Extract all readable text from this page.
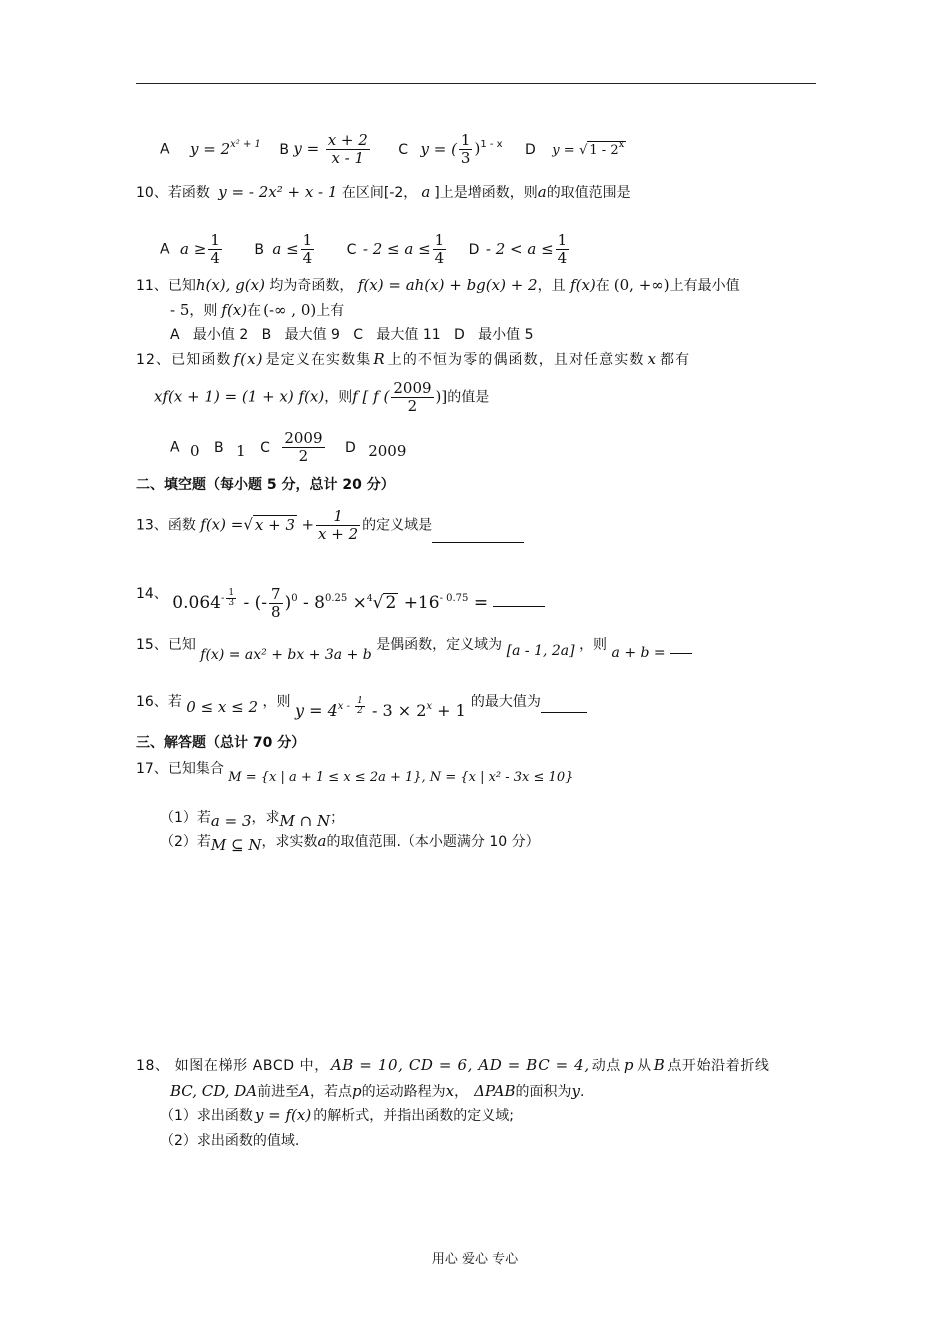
A $y = 2^{x^2 + 1}$ B $y = \frac{x + 2}{x - 1}$ C y = ( $\frac{1}{3} )^{1 - x}$ D y = √ 1 - 2$^x$
10、若函数 y = - 2x² + x - 1 在区间[-2， a ]上是增函数，则a的取值范围是
A $a \ge \frac{1}{4}$ B $a \le \frac{1}{4}$ $C - 2 \le a \le \frac{1}{4}$ $D - 2 < a \le \frac{1}{4}$
11、已知h(x), g(x) 均为奇函数， f(x) = ah(x) + bg(x) + 2，且 f(x)在 (0, +∞)上有最小值
- 5，则 f(x)在 (-∞ , 0)上有
A   最小值 2   B   最大值 9   C   最大值 11   D   最小值 5
12、已知函数 f(x) 是定义在实数集 R 上的不恒为零的偶函数，且对任意实数 x 都有
xf(x + 1) = (1 + x) f(x)，则f [ f ( $\frac{2009}{2}$ )]的值是
A 0 B 1 C $\frac{2009}{2}$ D 2009
二、填空题（每小题 5 分，总计 20 分）
13、函数 f(x) =√ $x + 3 + \frac{1}{x + 2}$ 的定义域是
14、 $0.064^{- \frac{1}{3}}$ - (- $\frac{7}{8} )^0 - 8^{0.25} \times^4√$ $2 +16^{- 0.75}$ =
15、已知 f(x) = ax² + bx + 3a + b 是偶函数，定义域为 [a - 1, 2a] ，则 a + b =
16、若 0 ≤ x ≤ 2 ，则 $y = 4^{x - \frac{1}{2}} - 3 \times 2^x + 1$ 的最大值为
三、解答题（总计 70 分）
17、已知集合 M = {x | a + 1 ≤ x ≤ 2a + 1}, N = {x | x² - 3x ≤ 10}
（1）若a = 3，求M ∩ N；
（2）若M ⊆ N，求实数a的取值范围.（本小题满分 10 分）
18、 如图在梯形 ABCD 中， AB = 10, CD = 6, AD = BC = 4, 动点 p 从 B 点开始沿着折线
BC, CD, DA前进至A，若点p的运动路程为x， ΔPAB的面积为y.
（1）求出函数 y = f(x) 的解析式，并指出函数的定义域;
（2）求出函数的值域.
用心 爱心 专心
